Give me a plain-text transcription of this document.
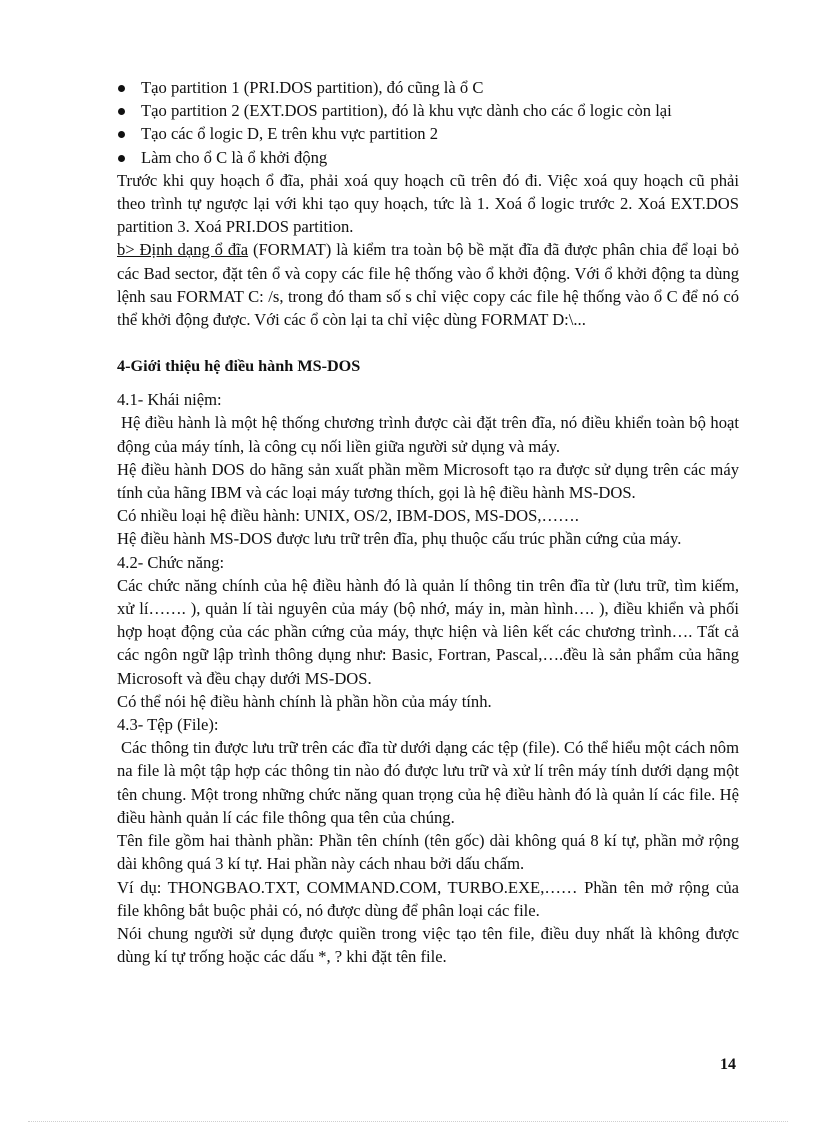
Tạo partition 1 (PRI.DOS partition), đó cũng là ổ C
Tạo partition 2 (EXT.DOS partition), đó là khu vực dành cho các ổ logic còn lại
Tạo các ổ logic D, E trên khu vực partition 2
Làm cho ổ C là ổ khởi động

Trước khi quy hoạch ổ đĩa, phải xoá quy hoạch cũ trên đó đi. Việc xoá quy hoạch cũ phải theo trình tự ngược lại với khi tạo quy hoạch, tức là 1. Xoá ổ logic trước 2. Xoá EXT.DOS partition 3. Xoá PRI.DOS partition.

b> Định dạng ổ đĩa (FORMAT) là kiểm tra toàn bộ bề mặt đĩa đã được phân chia để loại bỏ các Bad sector, đặt tên ổ và copy các file hệ thống vào ổ khởi động. Với ổ khởi động ta dùng lệnh sau FORMAT C: /s, trong đó tham số s chỉ việc copy các file hệ thống vào ổ C để nó có thể khởi động được. Với các ổ còn lại ta chỉ việc dùng FORMAT D:\...

4-Giới thiệu hệ điều hành MS-DOS

4.1- Khái niệm:

Hệ điều hành là một hệ thống chương trình được cài đặt trên đĩa, nó điều khiển toàn bộ hoạt động của máy tính, là công cụ nối liền giữa người sử dụng và máy.

Hệ điều hành DOS do hãng sản xuất phần mềm Microsoft tạo ra được sử dụng trên các máy tính của hãng IBM và các loại máy tương thích, gọi là hệ điều hành MS-DOS.

Có nhiều loại hệ điều hành: UNIX, OS/2, IBM-DOS, MS-DOS,…….

Hệ điều hành MS-DOS được lưu trữ trên đĩa, phụ thuộc cấu trúc phần cứng của máy.

4.2- Chức năng:

Các chức năng chính của hệ điều hành đó là quản lí thông tin trên đĩa từ (lưu trữ, tìm kiếm, xử lí……. ), quản lí tài nguyên của máy (bộ nhớ, máy in, màn hình…. ), điều khiển và phối hợp hoạt động của các phần cứng của máy, thực hiện và liên kết các chương trình…. Tất cả các ngôn ngữ lập trình thông dụng như: Basic, Fortran, Pascal,….đều là sản phẩm của hãng Microsoft và đều chạy dưới MS-DOS.

Có thể nói hệ điều hành chính là phần hồn của máy tính.

4.3- Tệp (File):

Các thông tin được lưu trữ trên các đĩa từ dưới dạng các tệp (file). Có thể hiểu một cách nôm na file là một tập hợp các thông tin nào đó được lưu trữ và xử lí trên máy tính dưới dạng một tên chung. Một trong những chức năng quan trọng của hệ điều hành đó là quản lí các file. Hệ điều hành quản lí các file thông qua tên của chúng.

Tên file gồm hai thành phần: Phần tên chính (tên gốc) dài không quá 8 kí tự, phần mở rộng dài không quá 3 kí tự. Hai phần này cách nhau bởi dấu chấm.

Ví dụ: THONGBAO.TXT, COMMAND.COM, TURBO.EXE,…… Phần tên mở rộng của file không bắt buộc phải có, nó được dùng để phân loại các file.

Nói chung người sử dụng được quiền trong việc tạo tên file, điều duy nhất là không được dùng kí tự trống hoặc các dấu *, ? khi đặt tên file.

14
